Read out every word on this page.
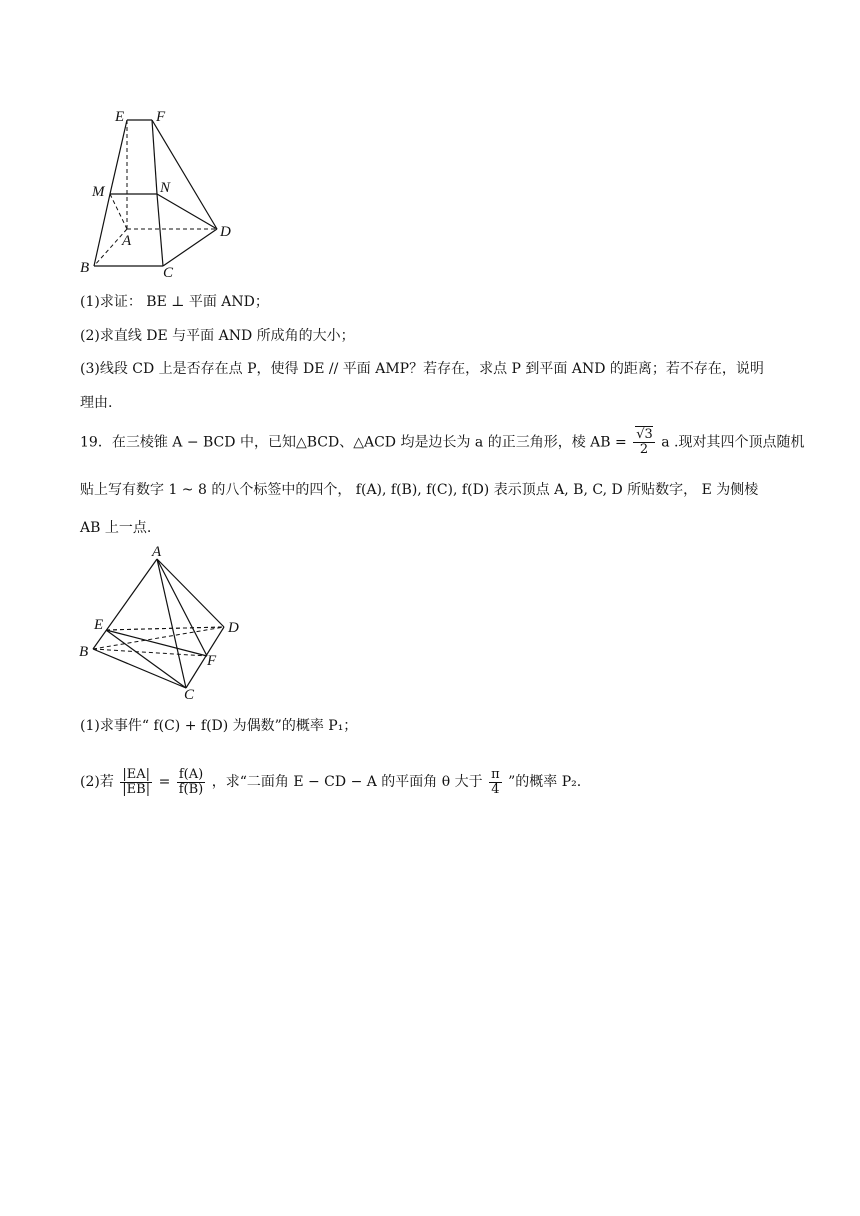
E F
M	N
A
B	C
D
(1)求证： BE ⊥ 平面 AND；
(2)求直线 DE 与平面 AND 所成角的大小；
(3)线段 CD 上是否存在点 P，使得 DE // 平面 AMP？若存在，求点 P 到平面 AND 的距离；若不存在，说明
理由.
19．在三棱锥 A − BCD 中，已知△BCD、△ACD 均是边长为 a 的正三角形，棱 AB = $\frac{√3}{2}$ a .现对其四个顶点随机
贴上写有数字 1 ~ 8 的八个标签中的四个， f(A), f(B), f(C), f(D) 表示顶点 A, B, C, D 所贴数字， E 为侧棱
AB 上一点.
A
E	D
B
F
C
(1)求事件“ f(C) + f(D) 为偶数”的概率 P₁；
(2)若 $\frac{|EA|}{|EB|} = \frac{f(A)}{f(B)}$ ，求“二面角 E − CD − A 的平面角 θ 大于 $\frac{\pi}{4}$ ”的概率 P₂.
